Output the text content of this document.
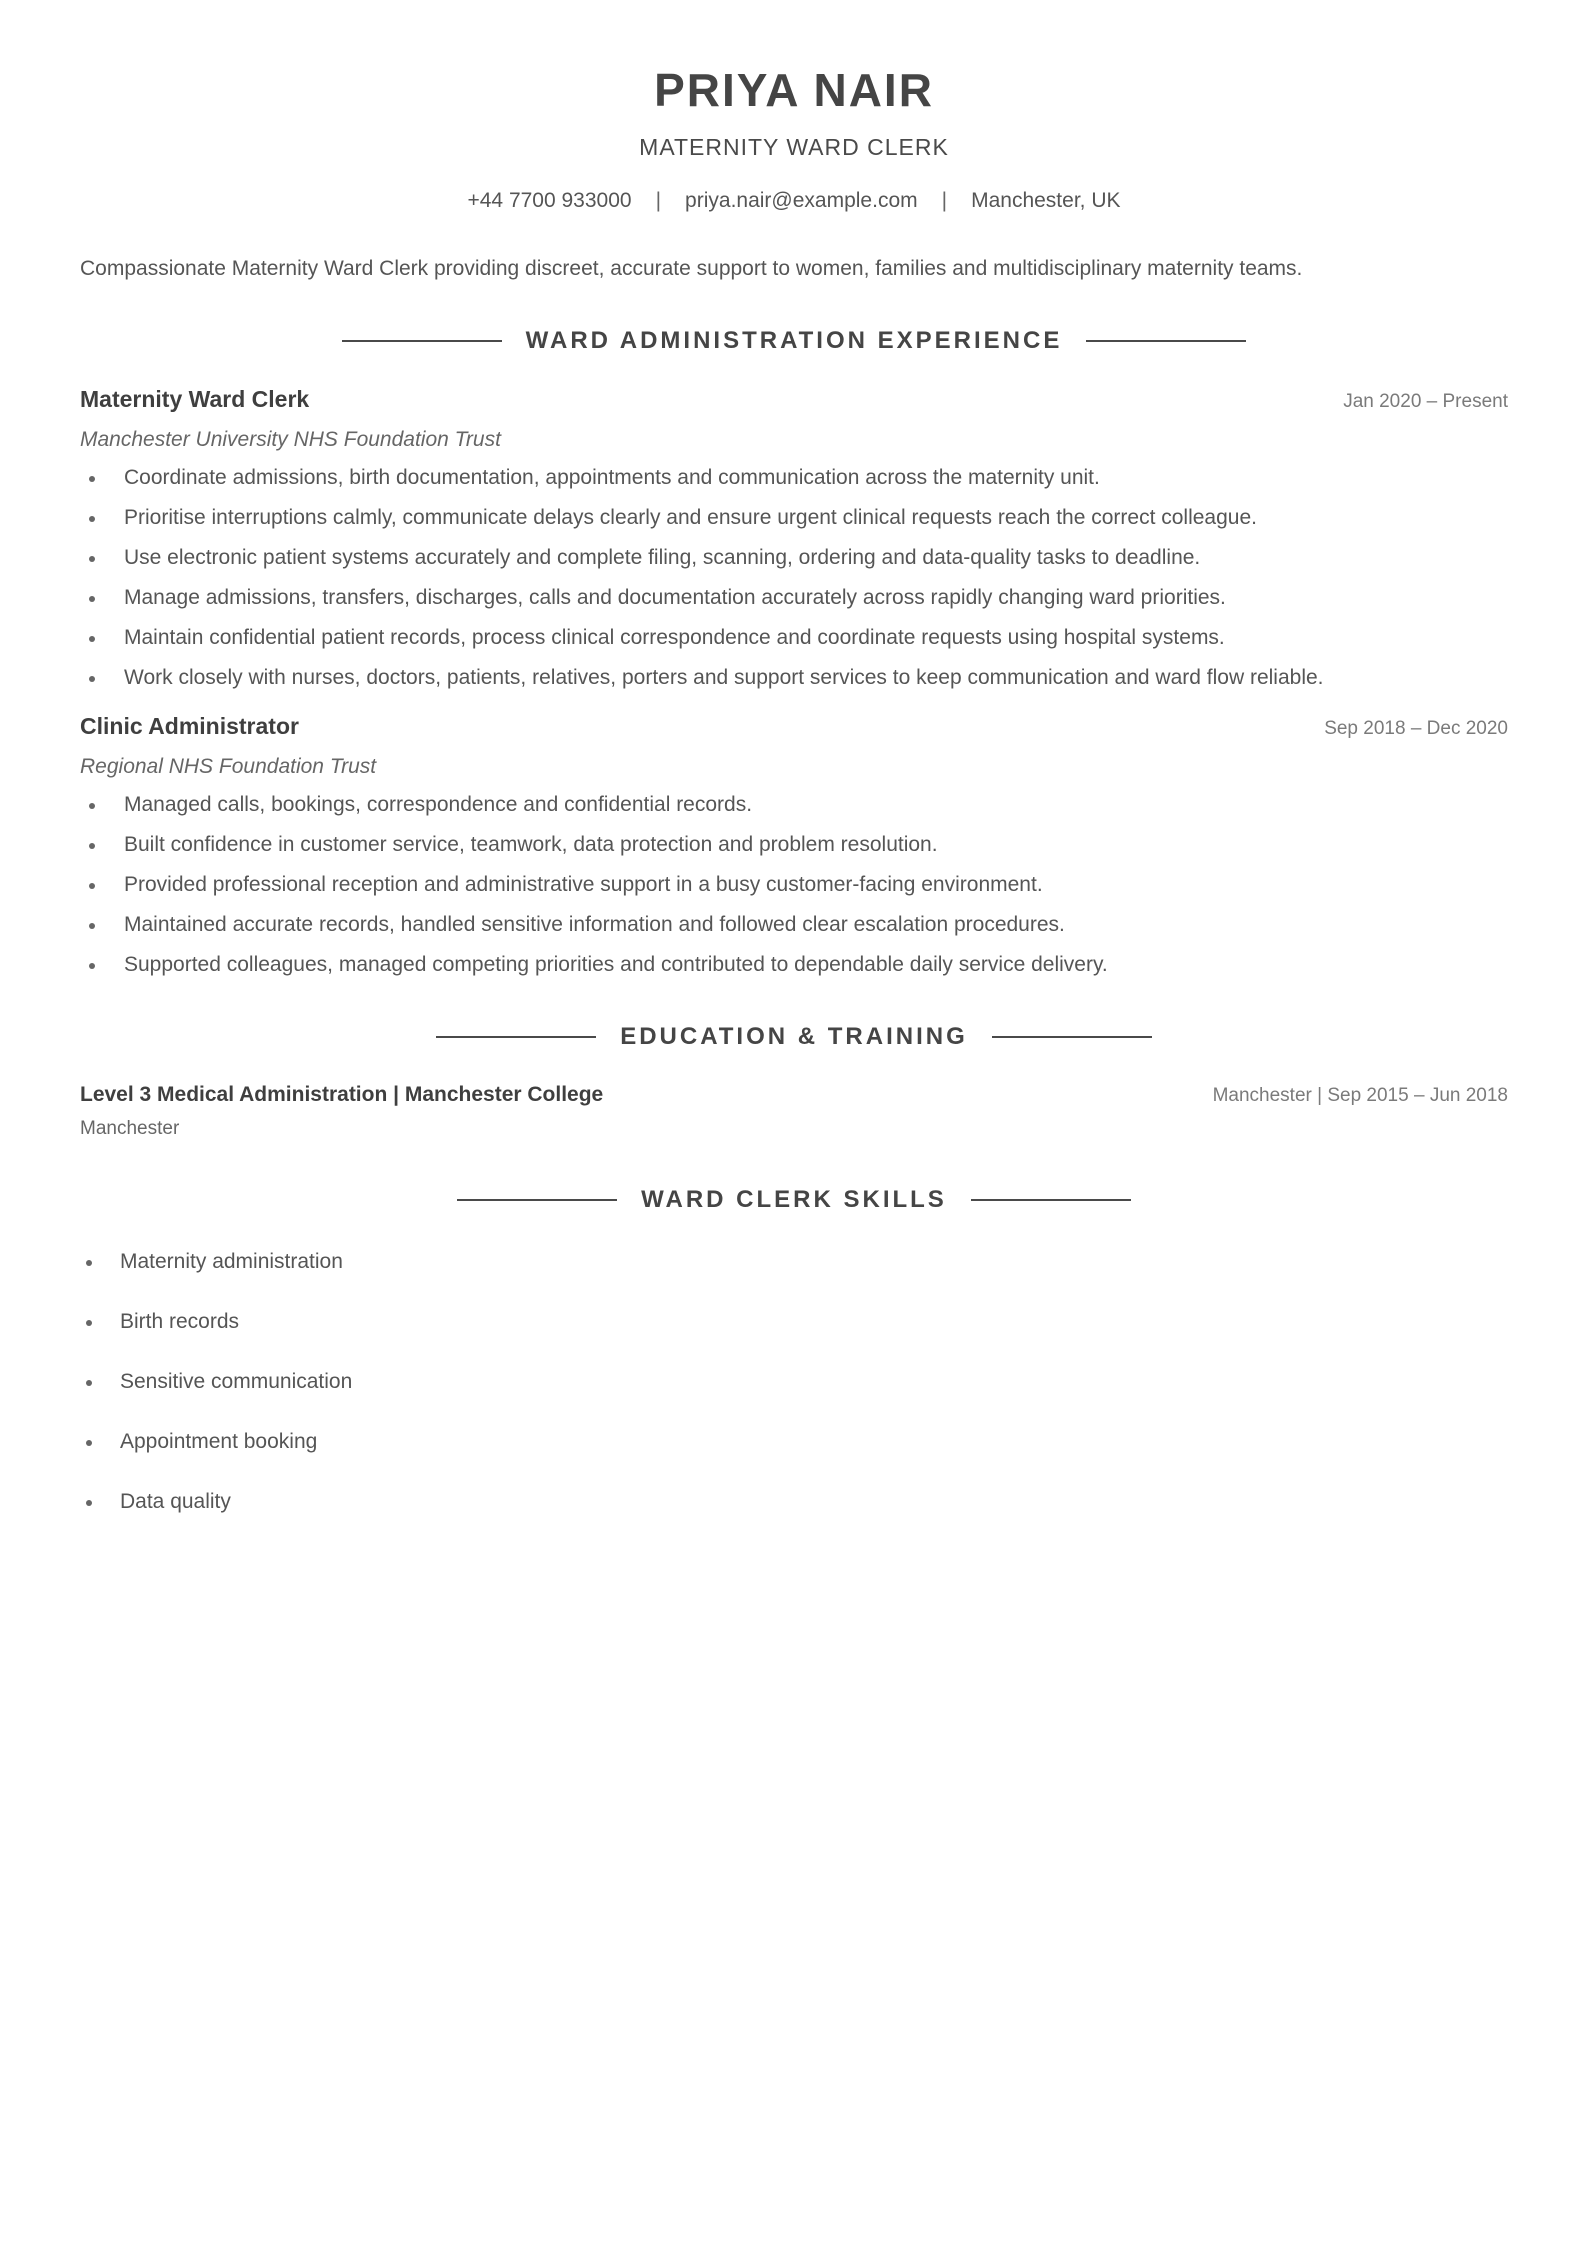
PRIYA NAIR
MATERNITY WARD CLERK
+44 7700 933000 | priya.nair@example.com | Manchester, UK
Compassionate Maternity Ward Clerk providing discreet, accurate support to women, families and multidisciplinary maternity teams.
WARD ADMINISTRATION EXPERIENCE
Maternity Ward Clerk	Jan 2020 – Present
Manchester University NHS Foundation Trust
Coordinate admissions, birth documentation, appointments and communication across the maternity unit.
Prioritise interruptions calmly, communicate delays clearly and ensure urgent clinical requests reach the correct colleague.
Use electronic patient systems accurately and complete filing, scanning, ordering and data-quality tasks to deadline.
Manage admissions, transfers, discharges, calls and documentation accurately across rapidly changing ward priorities.
Maintain confidential patient records, process clinical correspondence and coordinate requests using hospital systems.
Work closely with nurses, doctors, patients, relatives, porters and support services to keep communication and ward flow reliable.
Clinic Administrator	Sep 2018 – Dec 2020
Regional NHS Foundation Trust
Managed calls, bookings, correspondence and confidential records.
Built confidence in customer service, teamwork, data protection and problem resolution.
Provided professional reception and administrative support in a busy customer-facing environment.
Maintained accurate records, handled sensitive information and followed clear escalation procedures.
Supported colleagues, managed competing priorities and contributed to dependable daily service delivery.
EDUCATION & TRAINING
Level 3 Medical Administration | Manchester College	Manchester | Sep 2015 – Jun 2018
Manchester
WARD CLERK SKILLS
Maternity administration
Birth records
Sensitive communication
Appointment booking
Data quality
